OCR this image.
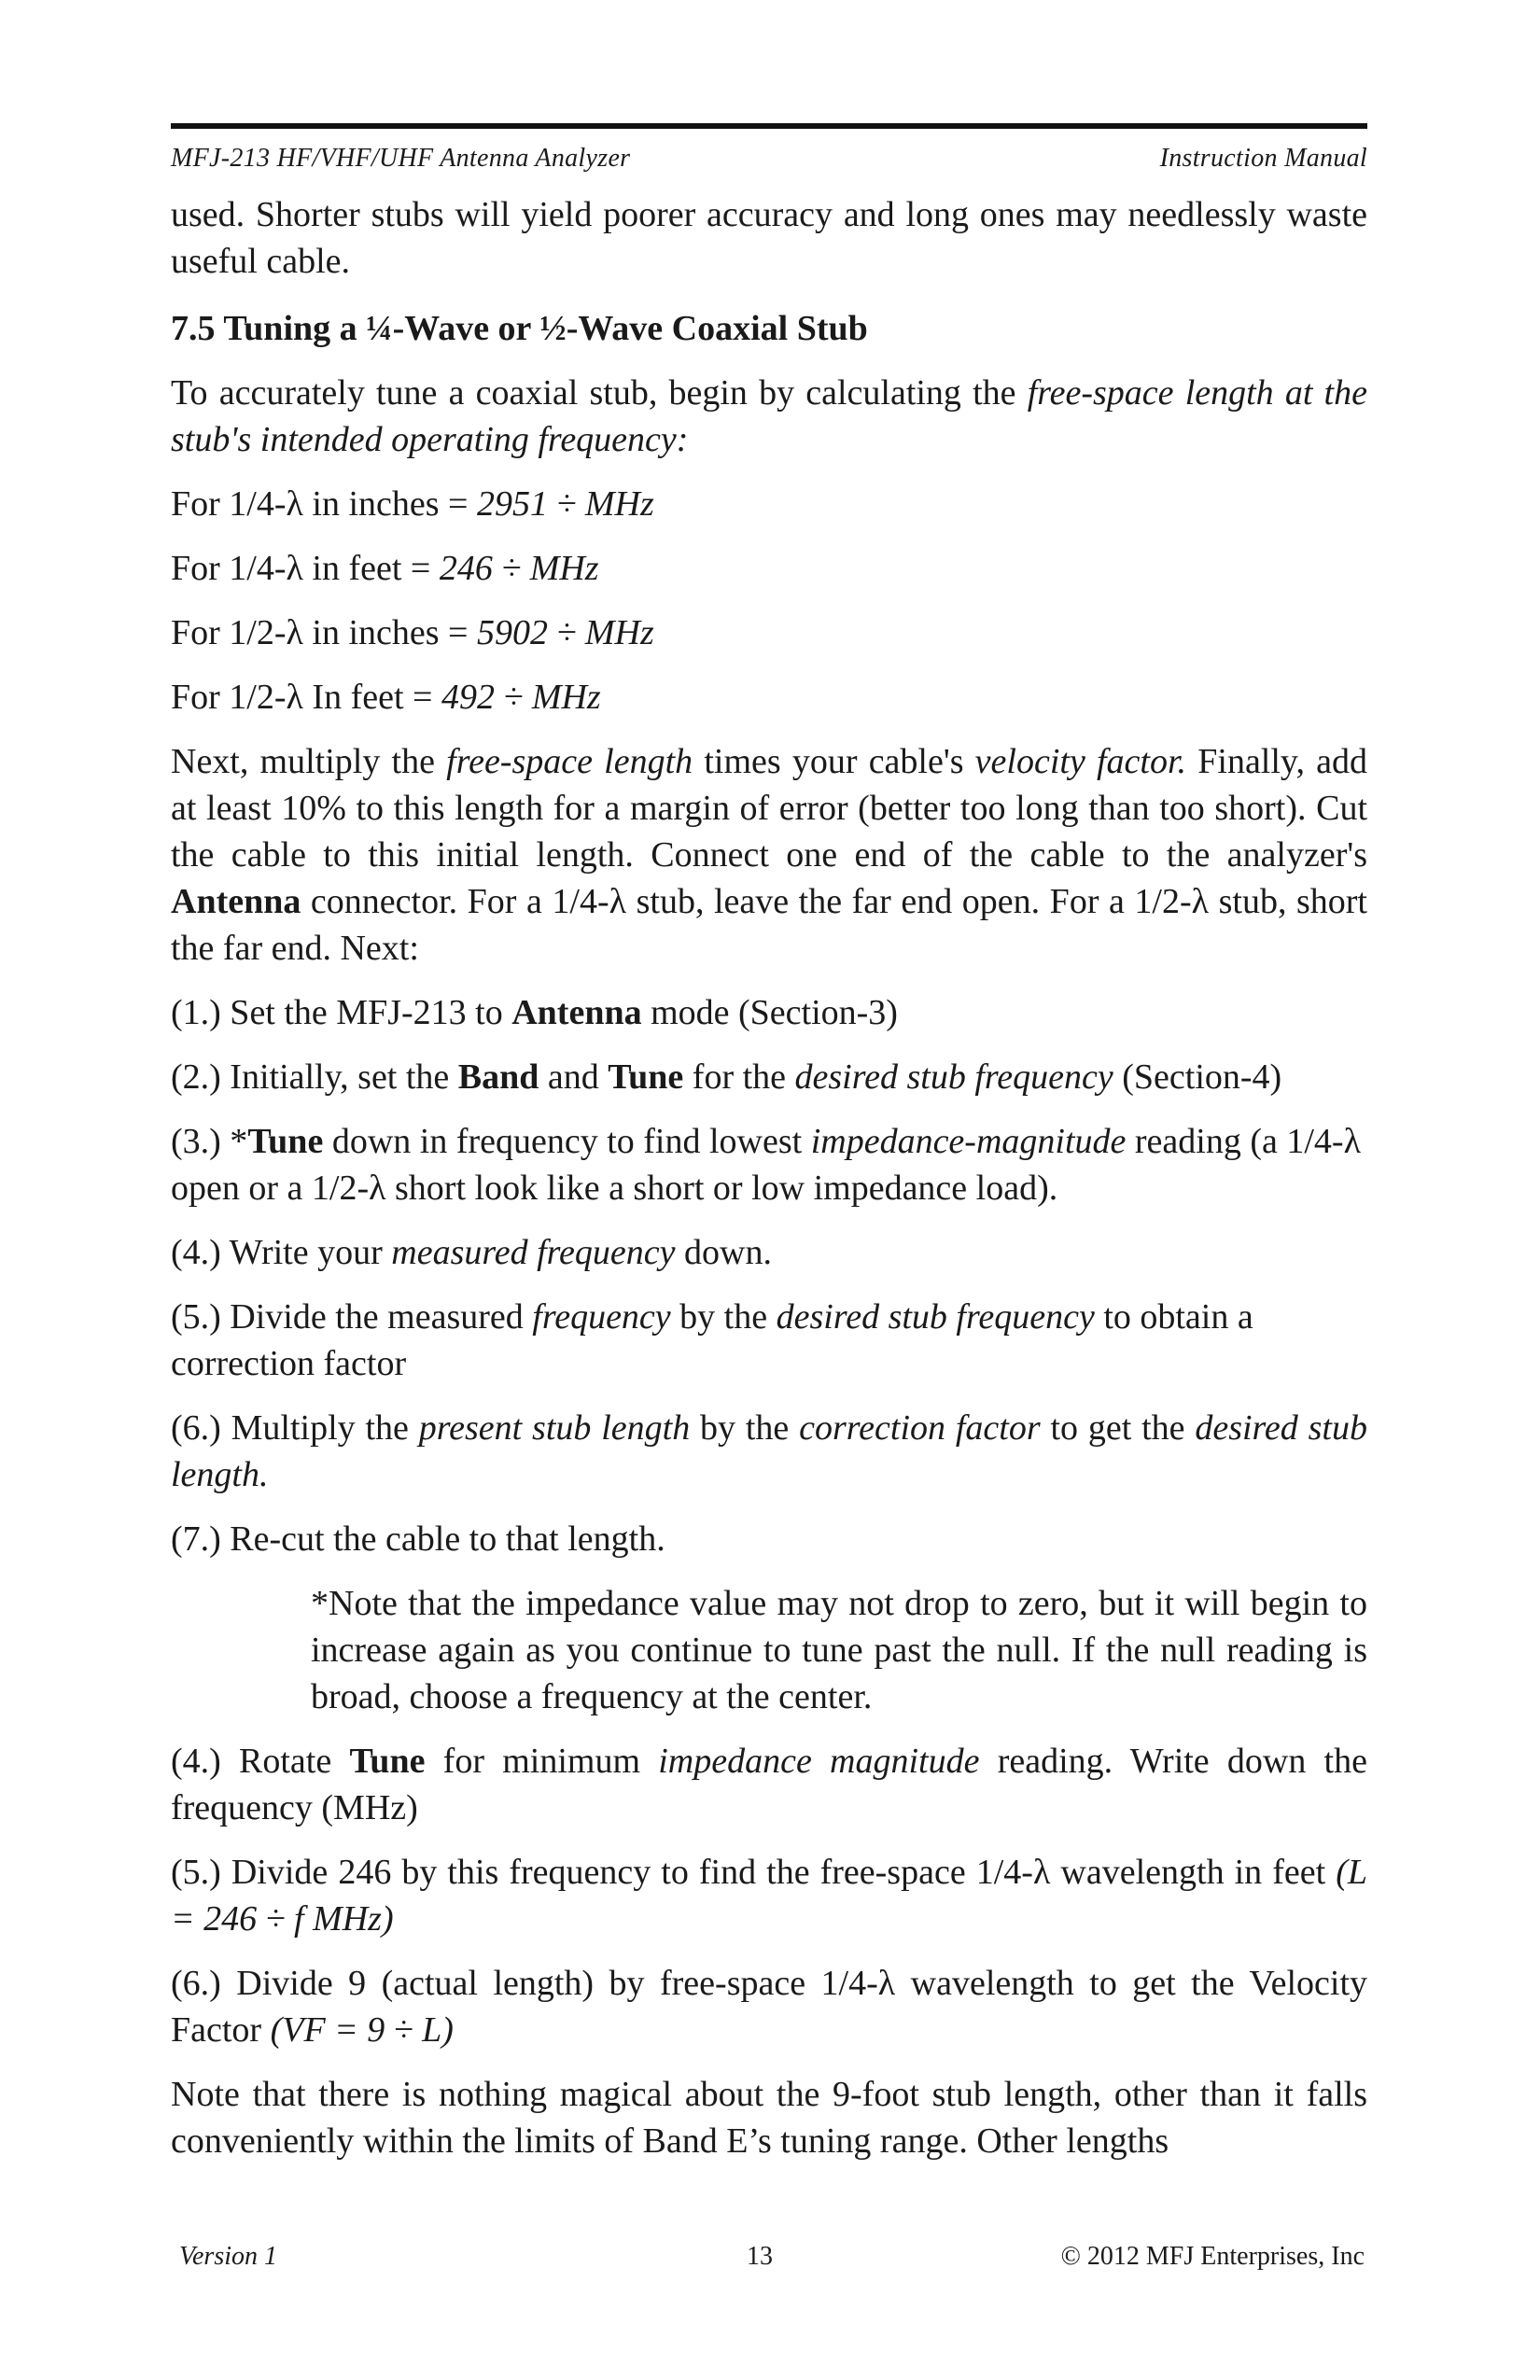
MFJ-213 HF/VHF/UHF Antenna Analyzer	Instruction Manual

used. Shorter stubs will yield poorer accuracy and long ones may needlessly waste useful cable.

7.5 Tuning a ¼-Wave or ½-Wave Coaxial Stub

To accurately tune a coaxial stub, begin by calculating the free-space length at the stub's intended operating frequency:

For 1/4-λ in inches = 2951 ÷ MHz

For 1/4-λ in feet = 246 ÷ MHz

For 1/2-λ in inches = 5902 ÷ MHz

For 1/2-λ In feet = 492 ÷ MHz

Next, multiply the free-space length times your cable's velocity factor. Finally, add at least 10% to this length for a margin of error (better too long than too short). Cut the cable to this initial length. Connect one end of the cable to the analyzer's Antenna connector. For a 1/4-λ stub, leave the far end open. For a 1/2-λ stub, short the far end. Next:

(1.) Set the MFJ-213 to Antenna mode (Section-3)

(2.) Initially, set the Band and Tune for the desired stub frequency (Section-4)

(3.) *Tune down in frequency to find lowest impedance-magnitude reading (a 1/4-λ open or a 1/2-λ short look like a short or low impedance load).

(4.) Write your measured frequency down.

(5.) Divide the measured frequency by the desired stub frequency to obtain a correction factor

(6.) Multiply the present stub length by the correction factor to get the desired stub length.

(7.) Re-cut the cable to that length.

*Note that the impedance value may not drop to zero, but it will begin to increase again as you continue to tune past the null. If the null reading is broad, choose a frequency at the center.

(4.) Rotate Tune for minimum impedance magnitude reading. Write down the frequency (MHz)

(5.) Divide 246 by this frequency to find the free-space 1/4-λ wavelength in feet (L = 246 ÷ f MHz)

(6.) Divide 9 (actual length) by free-space 1/4-λ wavelength to get the Velocity Factor (VF = 9 ÷ L)

Note that there is nothing magical about the 9-foot stub length, other than it falls conveniently within the limits of Band E’s tuning range. Other lengths

Version 1	13	© 2012 MFJ Enterprises, Inc
